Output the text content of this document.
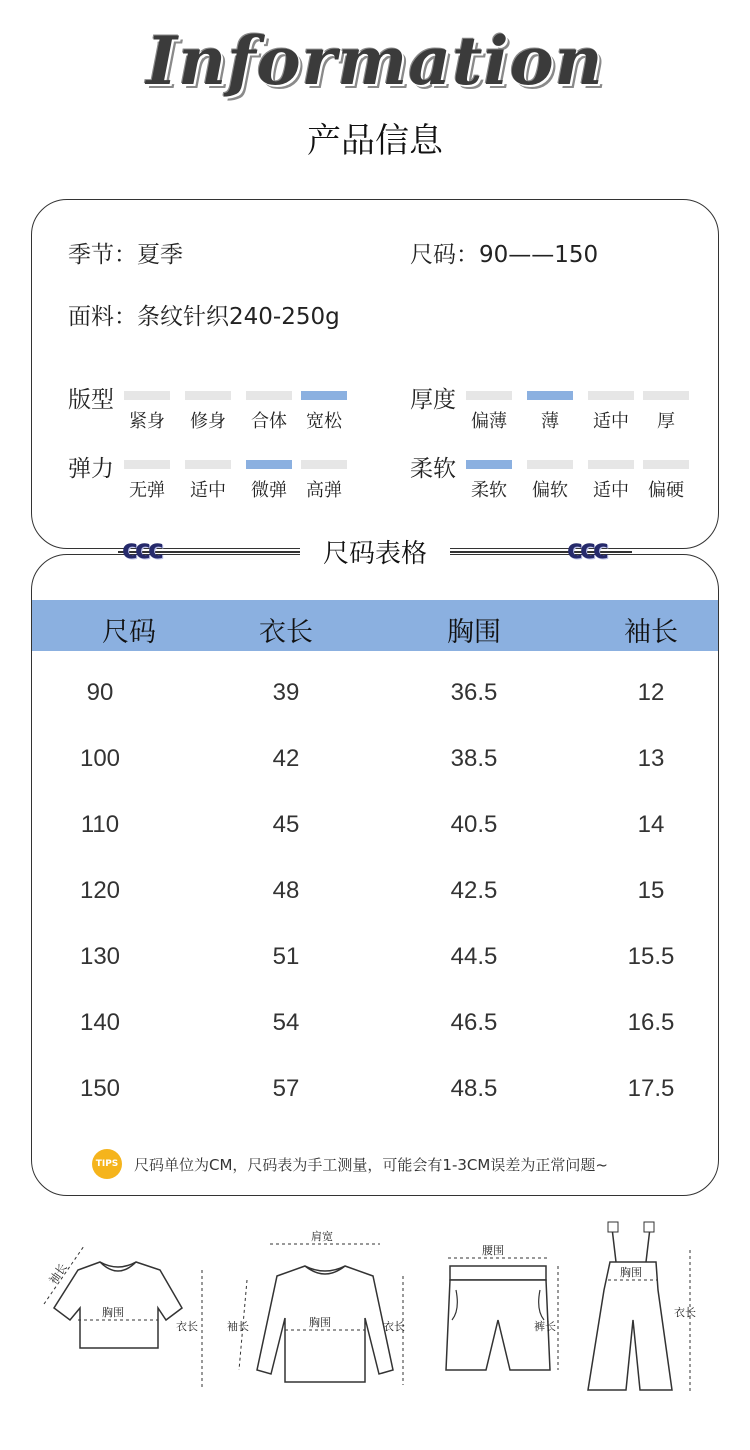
Information
产品信息
季节：夏季	尺码：90——150
面料：条纹针织240-250g
版型
紧身	修身	合体	宽松
厚度
偏薄	薄	适中	厚
弹力
无弹	适中	微弹	高弹
柔软
柔软	偏软	适中	偏硬
尺码	衣长	胸围	袖长
90	39	36.5	12
100	42	38.5	13
110	45	40.5	14
120	48	42.5	15
130	51	44.5	15.5
140	54	46.5	16.5
150	57	48.5	17.5
TIPS 尺码单位为CM，尺码表为手工测量，可能会有1-3CM误差为正常问题~
ccc	ccc
尺码表格
胸围
袖长
衣长
肩宽
胸围
袖长	衣长
腰围
裤长
胸围
衣长
